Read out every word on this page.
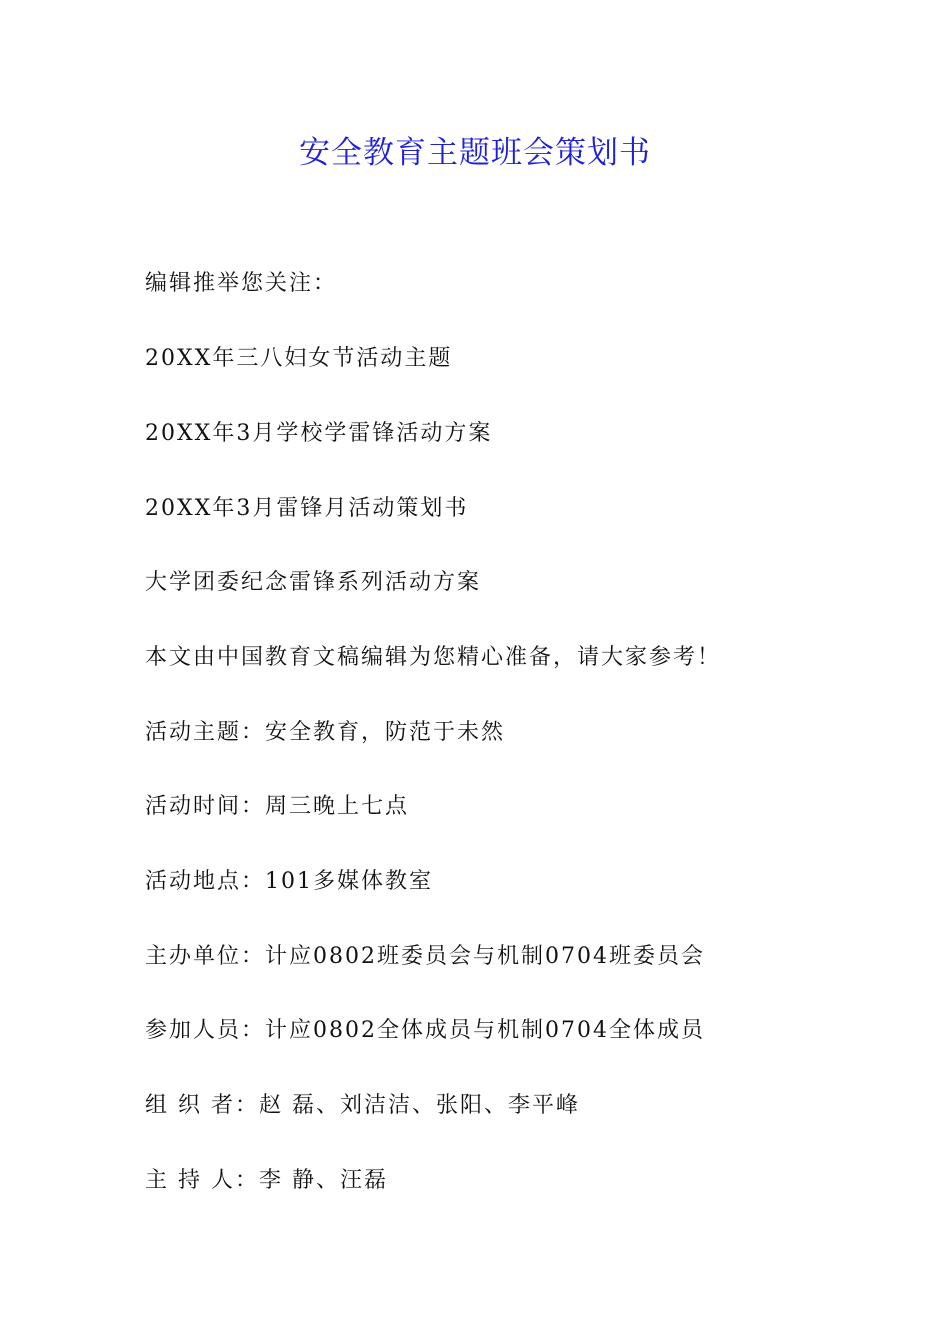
安全教育主题班会策划书
编辑推举您关注：
20XX年三八妇女节活动主题
20XX年3月学校学雷锋活动方案
20XX年3月雷锋月活动策划书
大学团委纪念雷锋系列活动方案
本文由中国教育文稿编辑为您精心准备，请大家参考！
活动主题：安全教育，防范于未然
活动时间：周三晚上七点
活动地点：101多媒体教室
主办单位：计应0802班委员会与机制0704班委员会
参加人员：计应0802全体成员与机制0704全体成员
组 织 者：赵 磊、刘洁洁、张阳、李平峰
主 持 人：李 静、汪磊
